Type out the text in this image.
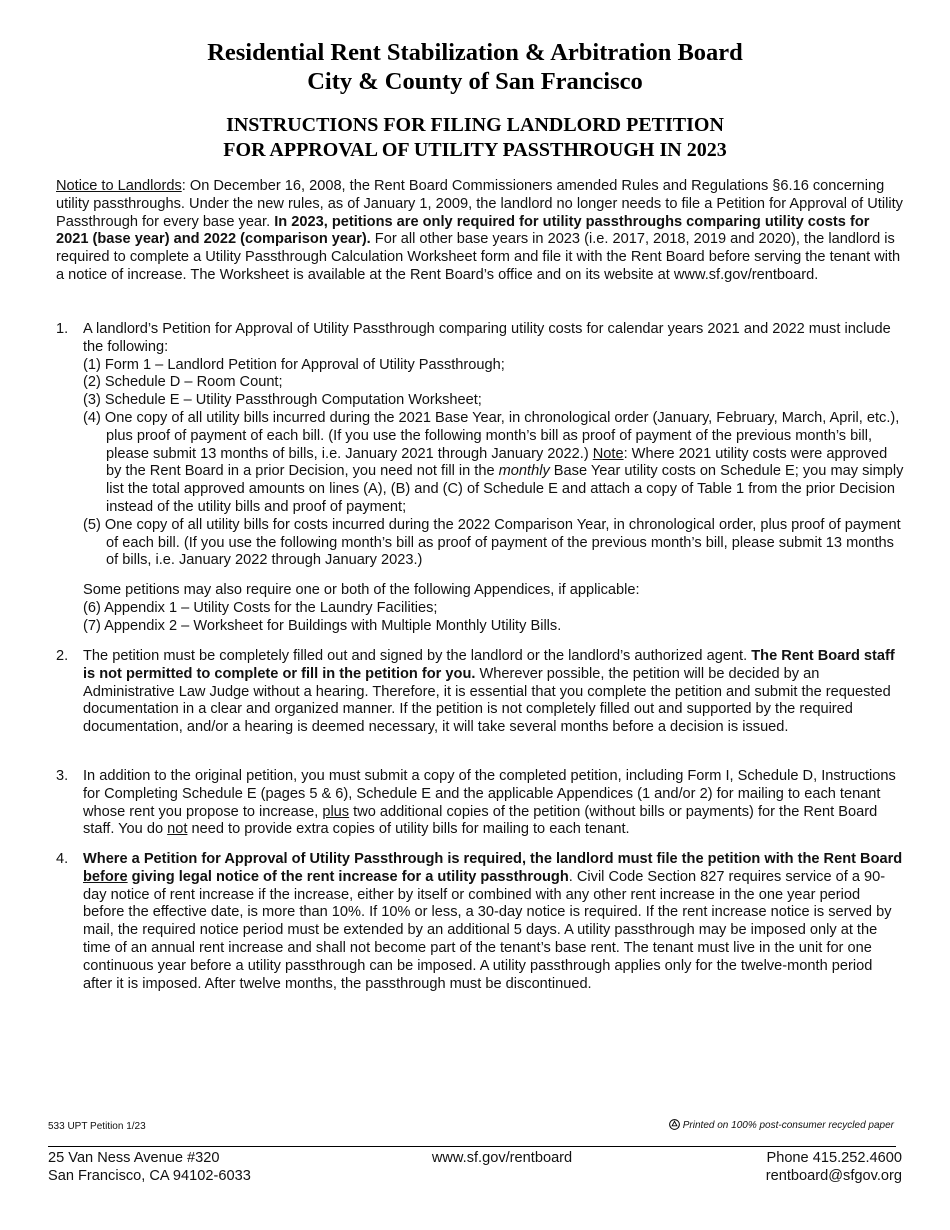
Residential Rent Stabilization & Arbitration Board
City & County of San Francisco
INSTRUCTIONS FOR FILING LANDLORD PETITION
FOR APPROVAL OF UTILITY PASSTHROUGH IN 2023
Notice to Landlords: On December 16, 2008, the Rent Board Commissioners amended Rules and Regulations §6.16 concerning utility passthroughs. Under the new rules, as of January 1, 2009, the landlord no longer needs to file a Petition for Approval of Utility Passthrough for every base year. In 2023, petitions are only required for utility passthroughs comparing utility costs for 2021 (base year) and 2022 (comparison year). For all other base years in 2023 (i.e. 2017, 2018, 2019 and 2020), the landlord is required to complete a Utility Passthrough Calculation Worksheet form and file it with the Rent Board before serving the tenant with a notice of increase. The Worksheet is available at the Rent Board’s office and on its website at www.sf.gov/rentboard.
1.	A landlord’s Petition for Approval of Utility Passthrough comparing utility costs for calendar years 2021 and 2022 must include the following:
(1) Form 1 – Landlord Petition for Approval of Utility Passthrough;
(2) Schedule D – Room Count;
(3) Schedule E – Utility Passthrough Computation Worksheet;
(4) One copy of all utility bills incurred during the 2021 Base Year, in chronological order (January, February, March, April, etc.), plus proof of payment of each bill. (If you use the following month’s bill as proof of payment of the previous month’s bill, please submit 13 months of bills, i.e. January 2021 through January 2022.) Note: Where 2021 utility costs were approved by the Rent Board in a prior Decision, you need not fill in the monthly Base Year utility costs on Schedule E; you may simply list the total approved amounts on lines (A), (B) and (C) of Schedule E and attach a copy of Table 1 from the prior Decision instead of the utility bills and proof of payment;
(5) One copy of all utility bills for costs incurred during the 2022 Comparison Year, in chronological order, plus proof of payment of each bill. (If you use the following month’s bill as proof of payment of the previous month’s bill, please submit 13 months of bills, i.e. January 2022 through January 2023.)
Some petitions may also require one or both of the following Appendices, if applicable:
(6) Appendix 1 – Utility Costs for the Laundry Facilities;
(7) Appendix 2 – Worksheet for Buildings with Multiple Monthly Utility Bills.
2.	The petition must be completely filled out and signed by the landlord or the landlord’s authorized agent. The Rent Board staff is not permitted to complete or fill in the petition for you. Wherever possible, the petition will be decided by an Administrative Law Judge without a hearing. Therefore, it is essential that you complete the petition and submit the requested documentation in a clear and organized manner. If the petition is not completely filled out and supported by the required documentation, and/or a hearing is deemed necessary, it will take several months before a decision is issued.
3.	In addition to the original petition, you must submit a copy of the completed petition, including Form I, Schedule D, Instructions for Completing Schedule E (pages 5 & 6), Schedule E and the applicable Appendices (1 and/or 2) for mailing to each tenant whose rent you propose to increase, plus two additional copies of the petition (without bills or payments) for the Rent Board staff. You do not need to provide extra copies of utility bills for mailing to each tenant.
4.	Where a Petition for Approval of Utility Passthrough is required, the landlord must file the petition with the Rent Board before giving legal notice of the rent increase for a utility passthrough. Civil Code Section 827 requires service of a 90-day notice of rent increase if the increase, either by itself or combined with any other rent increase in the one year period before the effective date, is more than 10%. If 10% or less, a 30-day notice is required. If the rent increase notice is served by mail, the required notice period must be extended by an additional 5 days. A utility passthrough may be imposed only at the time of an annual rent increase and shall not become part of the tenant’s base rent. The tenant must live in the unit for one continuous year before a utility passthrough can be imposed. A utility passthrough applies only for the twelve-month period after it is imposed. After twelve months, the passthrough must be discontinued.
533 UPT Petition 1/23	Printed on 100% post-consumer recycled paper
25 Van Ness Avenue #320
San Francisco, CA 94102-6033
www.sf.gov/rentboard	Phone 415.252.4600
rentboard@sfgov.org
